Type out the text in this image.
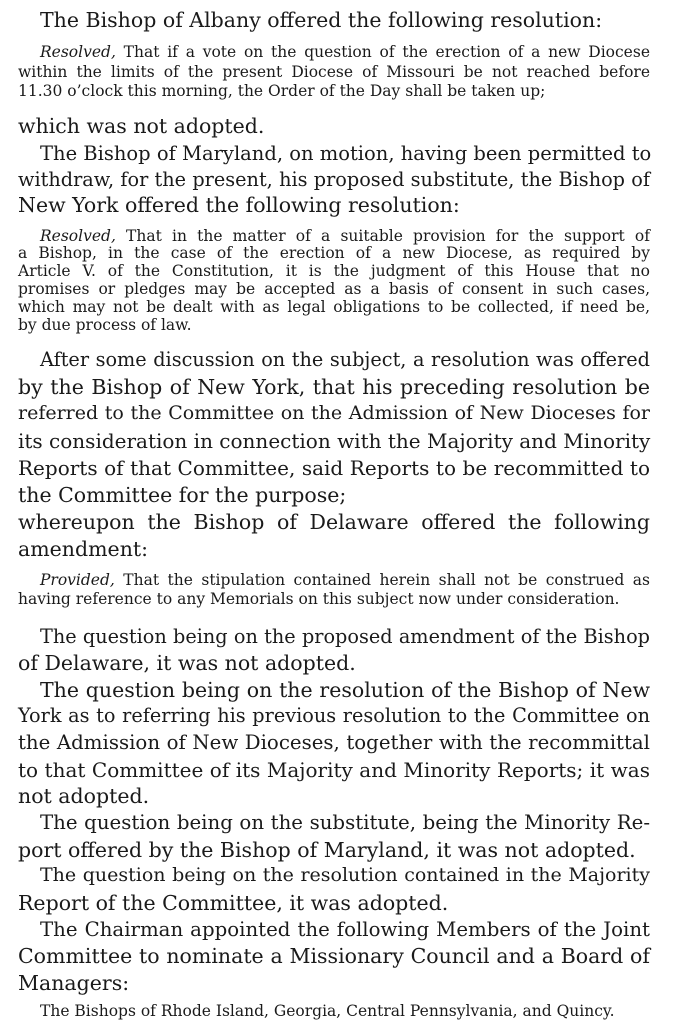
The Bishop of Albany offered the following resolution:

Resolved, That if a vote on the question of the erection of a new Diocese

within the limits of the present Diocese of Missouri be not reached before

11.30 o’clock this morning, the Order of the Day shall be taken up;

which was not adopted.

The Bishop of Maryland, on motion, having been permitted to

withdraw, for the present, his proposed substitute, the Bishop of

New York offered the following resolution:

Resolved, That in the matter of a suitable provision for the support of

a Bishop, in the case of the erection of a new Diocese, as required by

Article V. of the Constitution, it is the judgment of this House that no

promises or pledges may be accepted as a basis of consent in such cases,

which may not be dealt with as legal obligations to be collected, if need be,

by due process of law.

After some discussion on the subject, a resolution was offered

by the Bishop of New York, that his preceding resolution be

referred to the Committee on the Admission of New Dioceses for

its consideration in connection with the Majority and Minority

Reports of that Committee, said Reports to be recommitted to

the Committee for the purpose;

whereupon the Bishop of Delaware offered the following

amendment:

Provided, That the stipulation contained herein shall not be construed as

having reference to any Memorials on this subject now under consideration.

The question being on the proposed amendment of the Bishop

of Delaware, it was not adopted.

The question being on the resolution of the Bishop of New

York as to referring his previous resolution to the Committee on

the Admission of New Dioceses, together with the recommittal

to that Committee of its Majority and Minority Reports; it was

not adopted.

The question being on the substitute, being the Minority Re-

port offered by the Bishop of Maryland, it was not adopted.

The question being on the resolution contained in the Majority

Report of the Committee, it was adopted.

The Chairman appointed the following Members of the Joint

Committee to nominate a Missionary Council and a Board of

Managers:

The Bishops of Rhode Island, Georgia, Central Pennsylvania, and Quincy.
